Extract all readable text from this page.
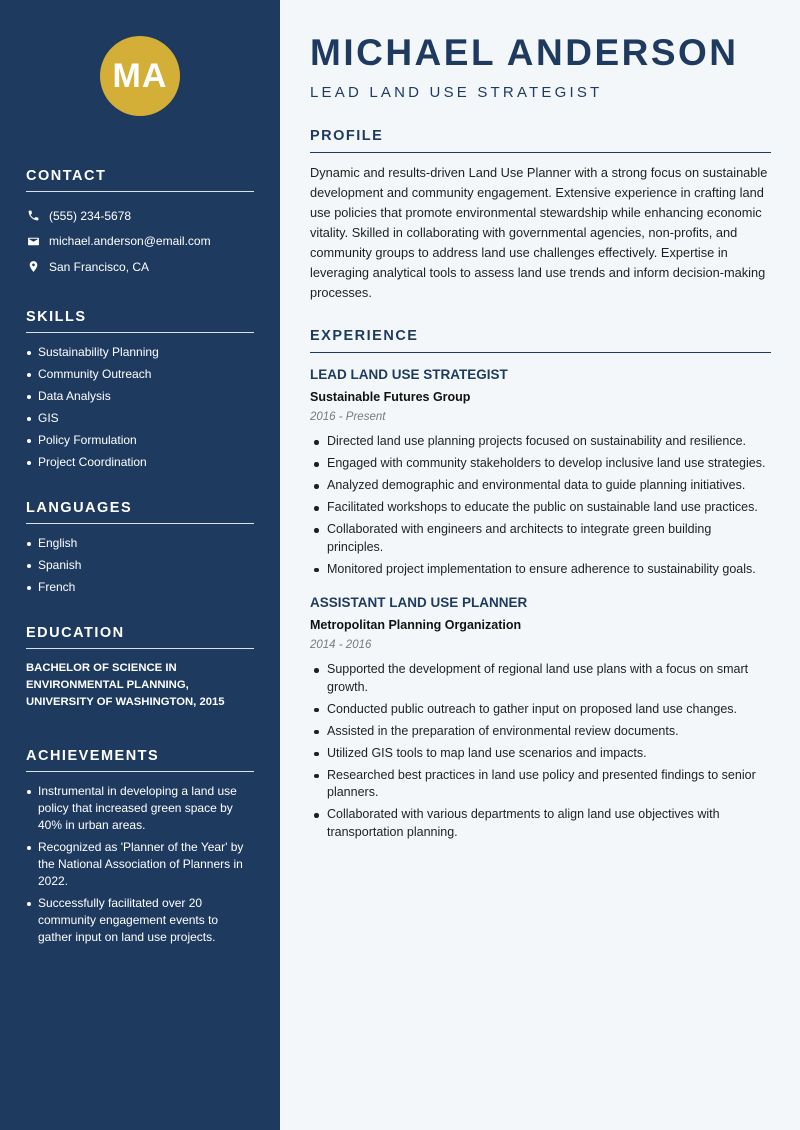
MA
CONTACT
(555) 234-5678
michael.anderson@email.com
San Francisco, CA
SKILLS
Sustainability Planning
Community Outreach
Data Analysis
GIS
Policy Formulation
Project Coordination
LANGUAGES
English
Spanish
French
EDUCATION

BACHELOR OF SCIENCE IN ENVIRONMENTAL PLANNING, UNIVERSITY OF WASHINGTON, 2015

ACHIEVEMENTS
Instrumental in developing a land use policy that increased green space by 40% in urban areas.
Recognized as 'Planner of the Year' by the National Association of Planners in 2022.
Successfully facilitated over 20 community engagement events to gather input on land use projects.
MICHAEL ANDERSON
LEAD LAND USE STRATEGIST
PROFILE

Dynamic and results-driven Land Use Planner with a strong focus on sustainable development and community engagement. Extensive experience in crafting land use policies that promote environmental stewardship while enhancing economic vitality. Skilled in collaborating with governmental agencies, non-profits, and community groups to address land use challenges effectively. Expertise in leveraging analytical tools to assess land use trends and inform decision-making processes.

EXPERIENCE
LEAD LAND USE STRATEGIST
Sustainable Futures Group
2016 - Present
Directed land use planning projects focused on sustainability and resilience.
Engaged with community stakeholders to develop inclusive land use strategies.
Analyzed demographic and environmental data to guide planning initiatives.
Facilitated workshops to educate the public on sustainable land use practices.
Collaborated with engineers and architects to integrate green building principles.
Monitored project implementation to ensure adherence to sustainability goals.
ASSISTANT LAND USE PLANNER
Metropolitan Planning Organization
2014 - 2016
Supported the development of regional land use plans with a focus on smart growth.
Conducted public outreach to gather input on proposed land use changes.
Assisted in the preparation of environmental review documents.
Utilized GIS tools to map land use scenarios and impacts.
Researched best practices in land use policy and presented findings to senior planners.
Collaborated with various departments to align land use objectives with transportation planning.
